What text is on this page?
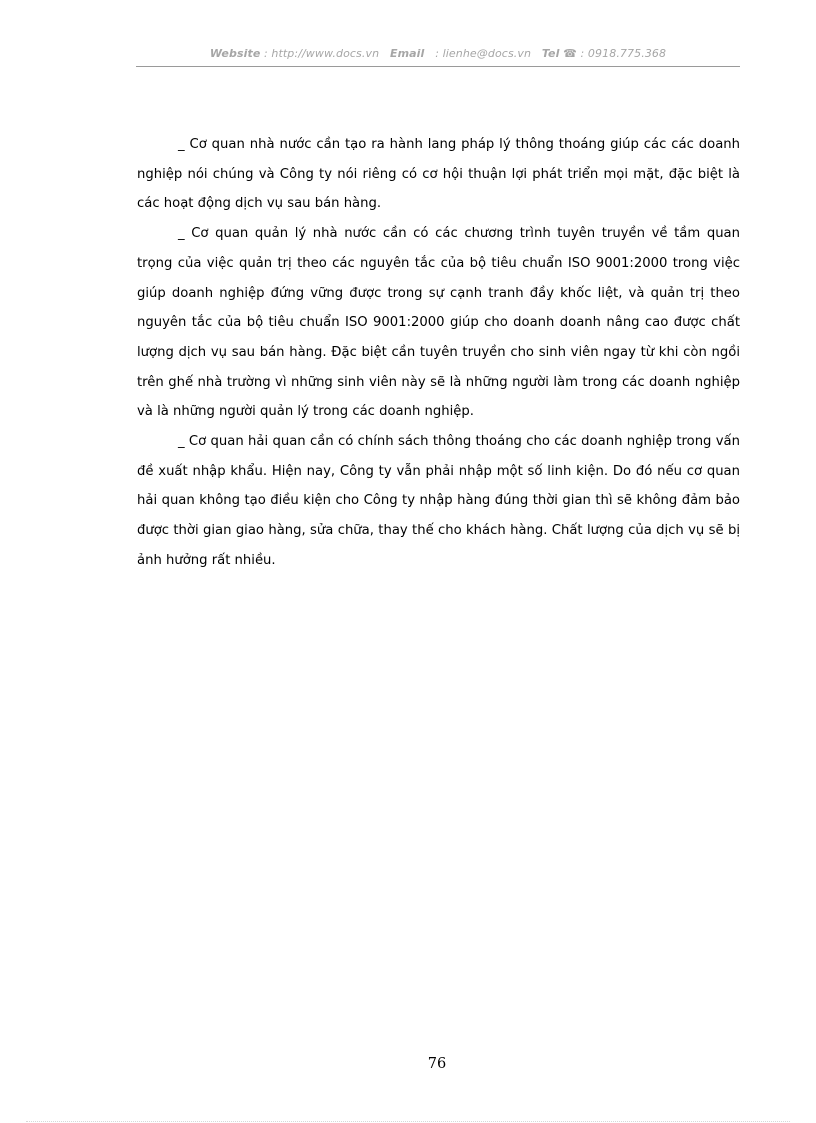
Website : http://www.docs.vn Email : lienhe@docs.vn Tel ☎ : 0918.775.368

_ Cơ quan nhà nước cần tạo ra hành lang pháp lý thông thoáng giúp các các doanh nghiệp nói chúng và Công ty nói riêng có cơ hội thuận lợi phát triển mọi mặt, đặc biệt là các hoạt động dịch vụ sau bán hàng.

_ Cơ quan quản lý nhà nước cần có các chương trình tuyên truyền về tầm quan trọng của việc quản trị theo các nguyên tắc của bộ tiêu chuẩn ISO 9001:2000 trong việc giúp doanh nghiệp đứng vững được trong sự cạnh tranh đầy khốc liệt, và quản trị theo nguyên tắc của bộ tiêu chuẩn ISO 9001:2000 giúp cho doanh doanh nâng cao được chất lượng dịch vụ sau bán hàng. Đặc biệt cần tuyên truyền cho sinh viên ngay từ khi còn ngồi trên ghế nhà trường vì những sinh viên này sẽ là những người làm trong các doanh nghiệp và là những người quản lý trong các doanh nghiệp.

_ Cơ quan hải quan cần có chính sách thông thoáng cho các doanh nghiệp trong vấn đề xuất nhập khẩu. Hiện nay, Công ty vẫn phải nhập một số linh kiện. Do đó nếu cơ quan hải quan không tạo điều kiện cho Công ty nhập hàng đúng thời gian thì sẽ không đảm bảo được thời gian giao hàng, sửa chữa, thay thế cho khách hàng. Chất lượng của dịch vụ sẽ bị ảnh hưởng rất nhiều.

76
